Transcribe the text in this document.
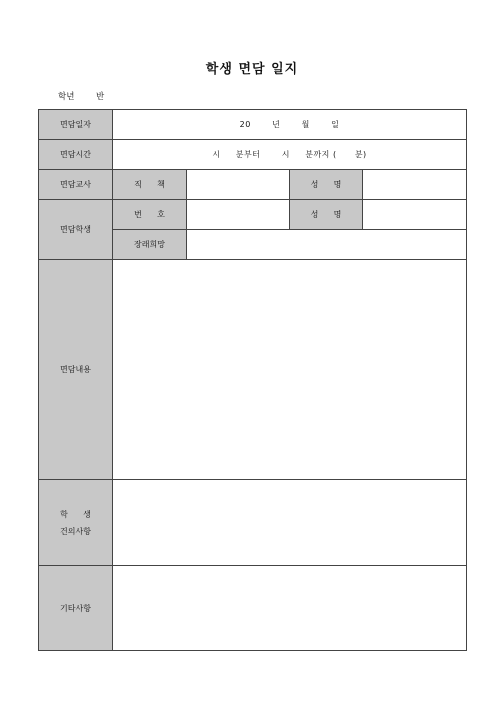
학생 면담 일지
학년	반
면담일자	20       년       월       일			
면담시간	시     분부터       시     분까지 (      분)			
면담교사	직      책		성      명	
면담학생	번      호		성      명	
	장래희망			
면담내용				

학      생
건의사항				

기타사항				
